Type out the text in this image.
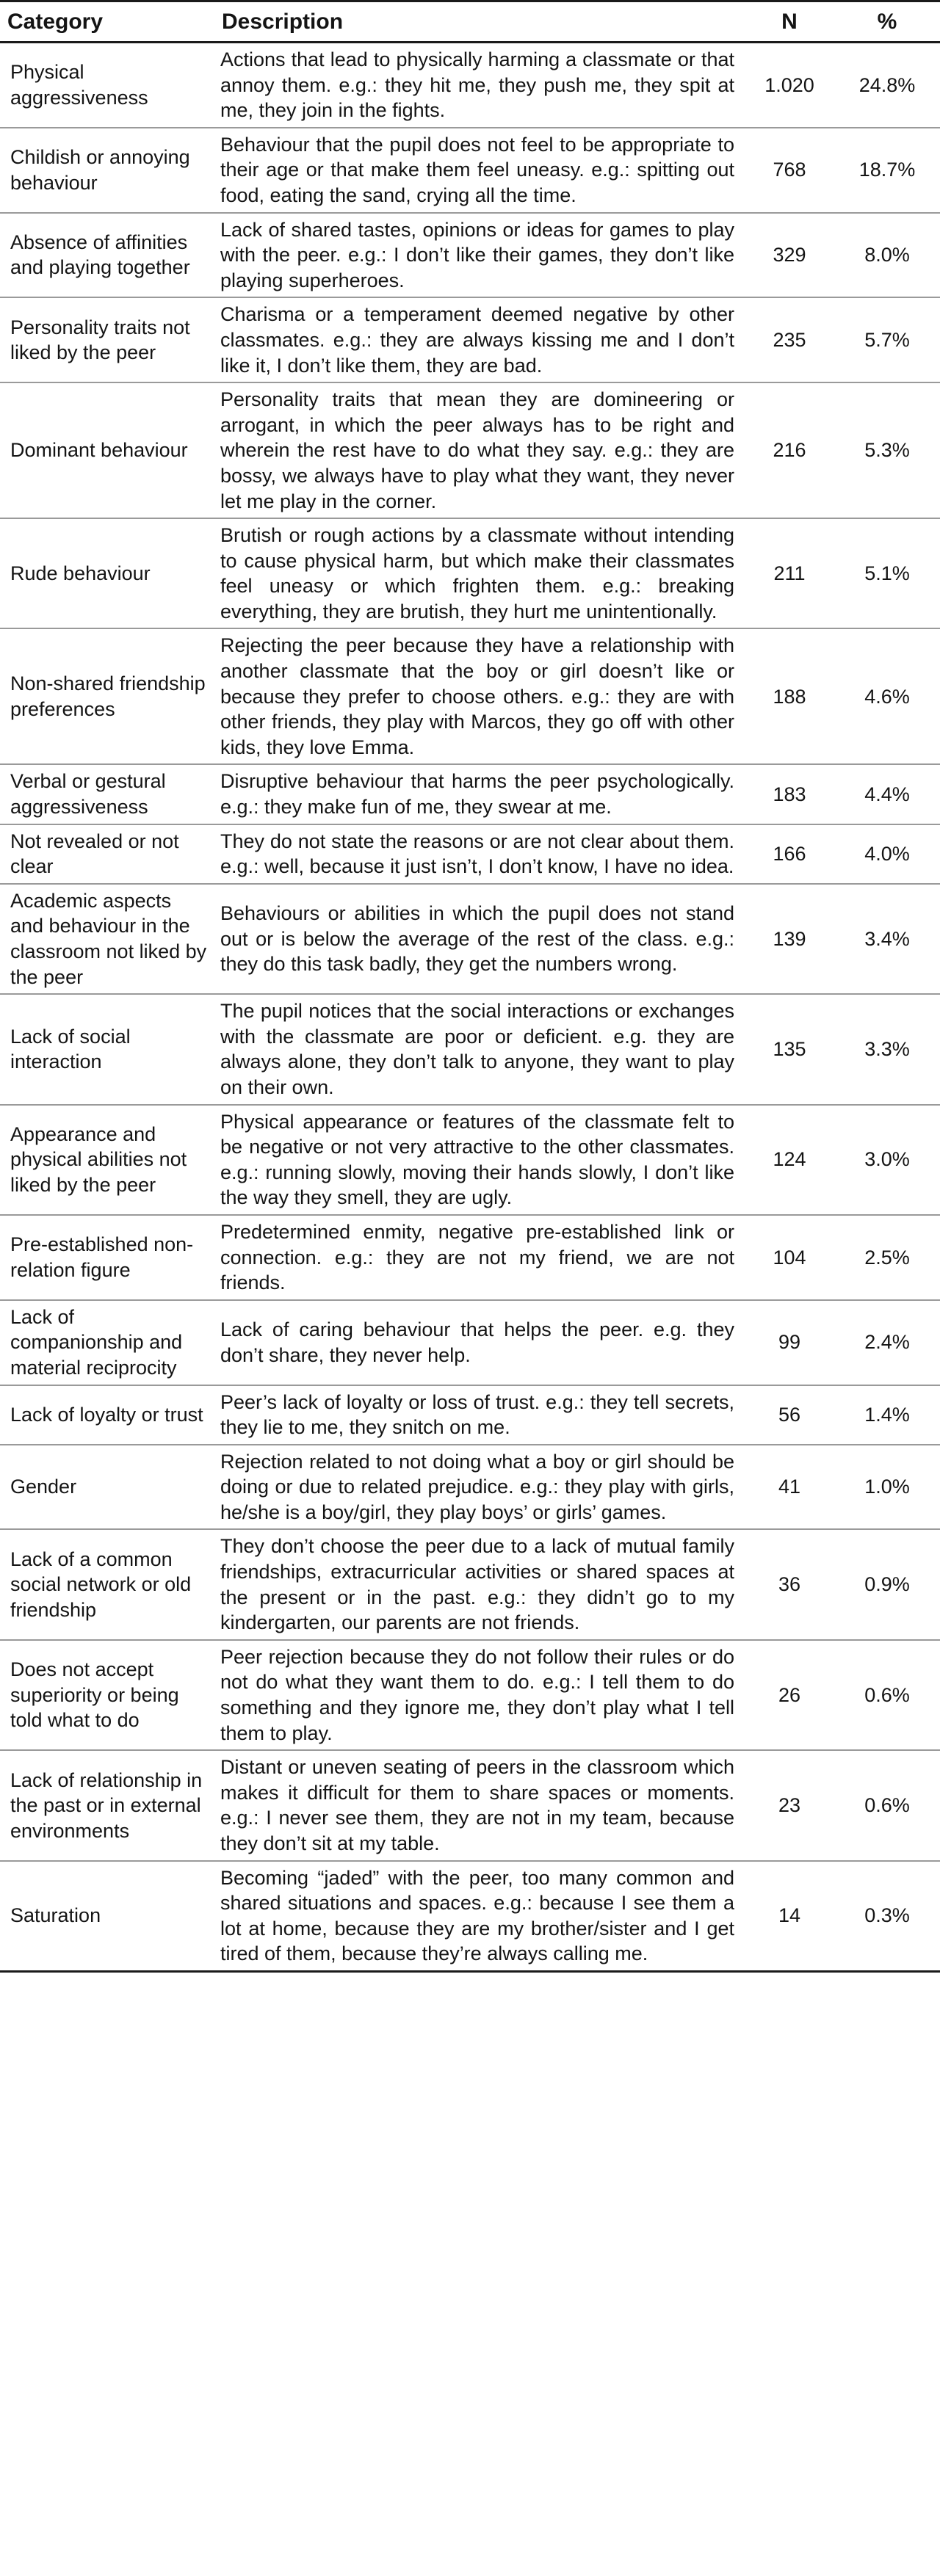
Category	Description	N	%
Physical aggressiveness	Actions that lead to physically harming a classmate or that annoy them. e.g.: they hit me, they push me, they spit at me, they join in the fights.	1.020	24.8%
Childish or annoying behaviour	Behaviour that the pupil does not feel to be appropriate to their age or that make them feel uneasy. e.g.: spitting out food, eating the sand, crying all the time.	768	18.7%
Absence of affinities and playing together	Lack of shared tastes, opinions or ideas for games to play with the peer. e.g.: I don’t like their games, they don’t like playing superheroes.	329	8.0%
Personality traits not liked by the peer	Charisma or a temperament deemed negative by other classmates. e.g.: they are always kissing me and I don’t like it, I don’t like them, they are bad.	235	5.7%
Dominant behaviour	Personality traits that mean they are domineering or arrogant, in which the peer always has to be right and wherein the rest have to do what they say. e.g.: they are bossy, we always have to play what they want, they never let me play in the corner.	216	5.3%
Rude behaviour	Brutish or rough actions by a classmate without intending to cause physical harm, but which make their classmates feel uneasy or which frighten them. e.g.: breaking everything, they are brutish, they hurt me unintentionally.	211	5.1%
Non-shared friendship preferences	Rejecting the peer because they have a relationship with another classmate that the boy or girl doesn’t like or because they prefer to choose others. e.g.: they are with other friends, they play with Marcos, they go off with other kids, they love Emma.	188	4.6%
Verbal or gestural aggressiveness	Disruptive behaviour that harms the peer psychologically. e.g.: they make fun of me, they swear at me.	183	4.4%
Not revealed or not clear	They do not state the reasons or are not clear about them. e.g.: well, because it just isn’t, I don’t know, I have no idea.	166	4.0%
Academic aspects and behaviour in the classroom not liked by the peer	Behaviours or abilities in which the pupil does not stand out or is below the average of the rest of the class. e.g.: they do this task badly, they get the numbers wrong.	139	3.4%
Lack of social interaction	The pupil notices that the social interactions or exchanges with the classmate are poor or deficient. e.g. they are always alone, they don’t talk to anyone, they want to play on their own.	135	3.3%
Appearance and physical abilities not liked by the peer	Physical appearance or features of the classmate felt to be negative or not very attractive to the other classmates. e.g.: running slowly, moving their hands slowly, I don’t like the way they smell, they are ugly.	124	3.0%
Pre-established non-relation figure	Predetermined enmity, negative pre-established link or connection. e.g.: they are not my friend, we are not friends.	104	2.5%
Lack of companionship and material reciprocity	Lack of caring behaviour that helps the peer. e.g. they don’t share, they never help.	99	2.4%
Lack of loyalty or trust	Peer’s lack of loyalty or loss of trust. e.g.: they tell secrets, they lie to me, they snitch on me.	56	1.4%
Gender	Rejection related to not doing what a boy or girl should be doing or due to related prejudice. e.g.: they play with girls, he/she is a boy/girl, they play boys’ or girls’ games.	41	1.0%
Lack of a common social network or old friendship	They don’t choose the peer due to a lack of mutual family friendships, extracurricular activities or shared spaces at the present or in the past. e.g.: they didn’t go to my kindergarten, our parents are not friends.	36	0.9%
Does not accept superiority or being told what to do	Peer rejection because they do not follow their rules or do not do what they want them to do. e.g.: I tell them to do something and they ignore me, they don’t play what I tell them to play.	26	0.6%
Lack of relationship in the past or in external environments	Distant or uneven seating of peers in the classroom which makes it difficult for them to share spaces or moments. e.g.: I never see them, they are not in my team, because they don’t sit at my table.	23	0.6%
Saturation	Becoming “jaded” with the peer, too many common and shared situations and spaces. e.g.: because I see them a lot at home, because they are my brother/sister and I get tired of them, because they’re always calling me.	14	0.3%
